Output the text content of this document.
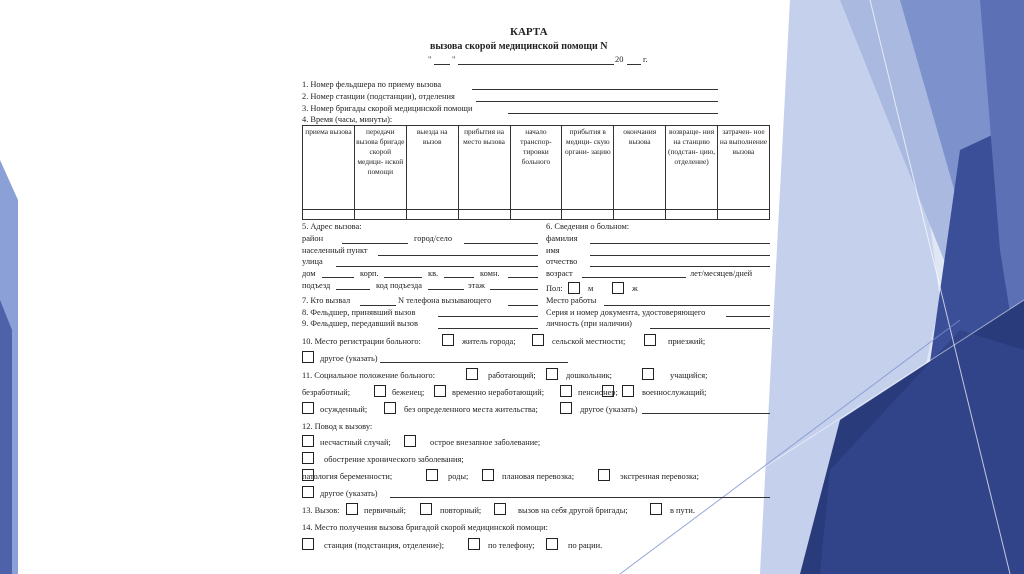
КАРТА
вызова скорой медицинской помощи N
" "	20 г.
1. Номер фельдшера по приему вызова
2. Номер станции (подстанции), отделения
3. Номер бригады скорой медицинской помощи
4. Время (часы, минуты):
приема вызова	передачи вызова бригаде скорой медици- нской помощи	выезда на вызов	прибытия на место вызова	начало транспор- тировки больного	прибытия в медици- скую органи- зацию	окончания вызова	возвраще- ния на станцию (подстан- цию, отделение)	затрачен- ное на выполнение вызова

5. Адрес вызова:
район	город/село
населенный пункт
улица
дом	корп.	кв.	комн.
подъезд	код подъезда	этаж
6. Сведения о больном:
фамилия
имя
отчество
возраст	лет/месяцев/дней
Пол:	м	ж
Место работы
Серия и номер документа, удостоверяющего
личность (при наличии)
7. Кто вызвал	N телефона вызывающего
8. Фельдшер, принявший вызов
9. Фельдшер, передавший вызов
10. Место регистрации больного:	житель города;	сельской местности;	приезжий;
другое (указать)
11. Социальное положение больного:	работающий;	дошкольник;	учащийся;
безработный;	беженец;	временно неработающий;	пенсионер;	военнослужащий;
осужденный;	без определенного места жительства;	другое (указать)
12. Повод к вызову:
несчастный случай;	острое внезапное заболевание;
обострение хронического заболевания;
патология беременности;	роды;	плановая перевозка;	экстренная перевозка;
другое (указать)
13. Вызов:	первичный;	повторный;	вызов на себя другой бригады;	в пути.
14. Место получения вызова бригадой скорой медицинской помощи:
станция (подстанция, отделение);	по телефону;	по рации.
